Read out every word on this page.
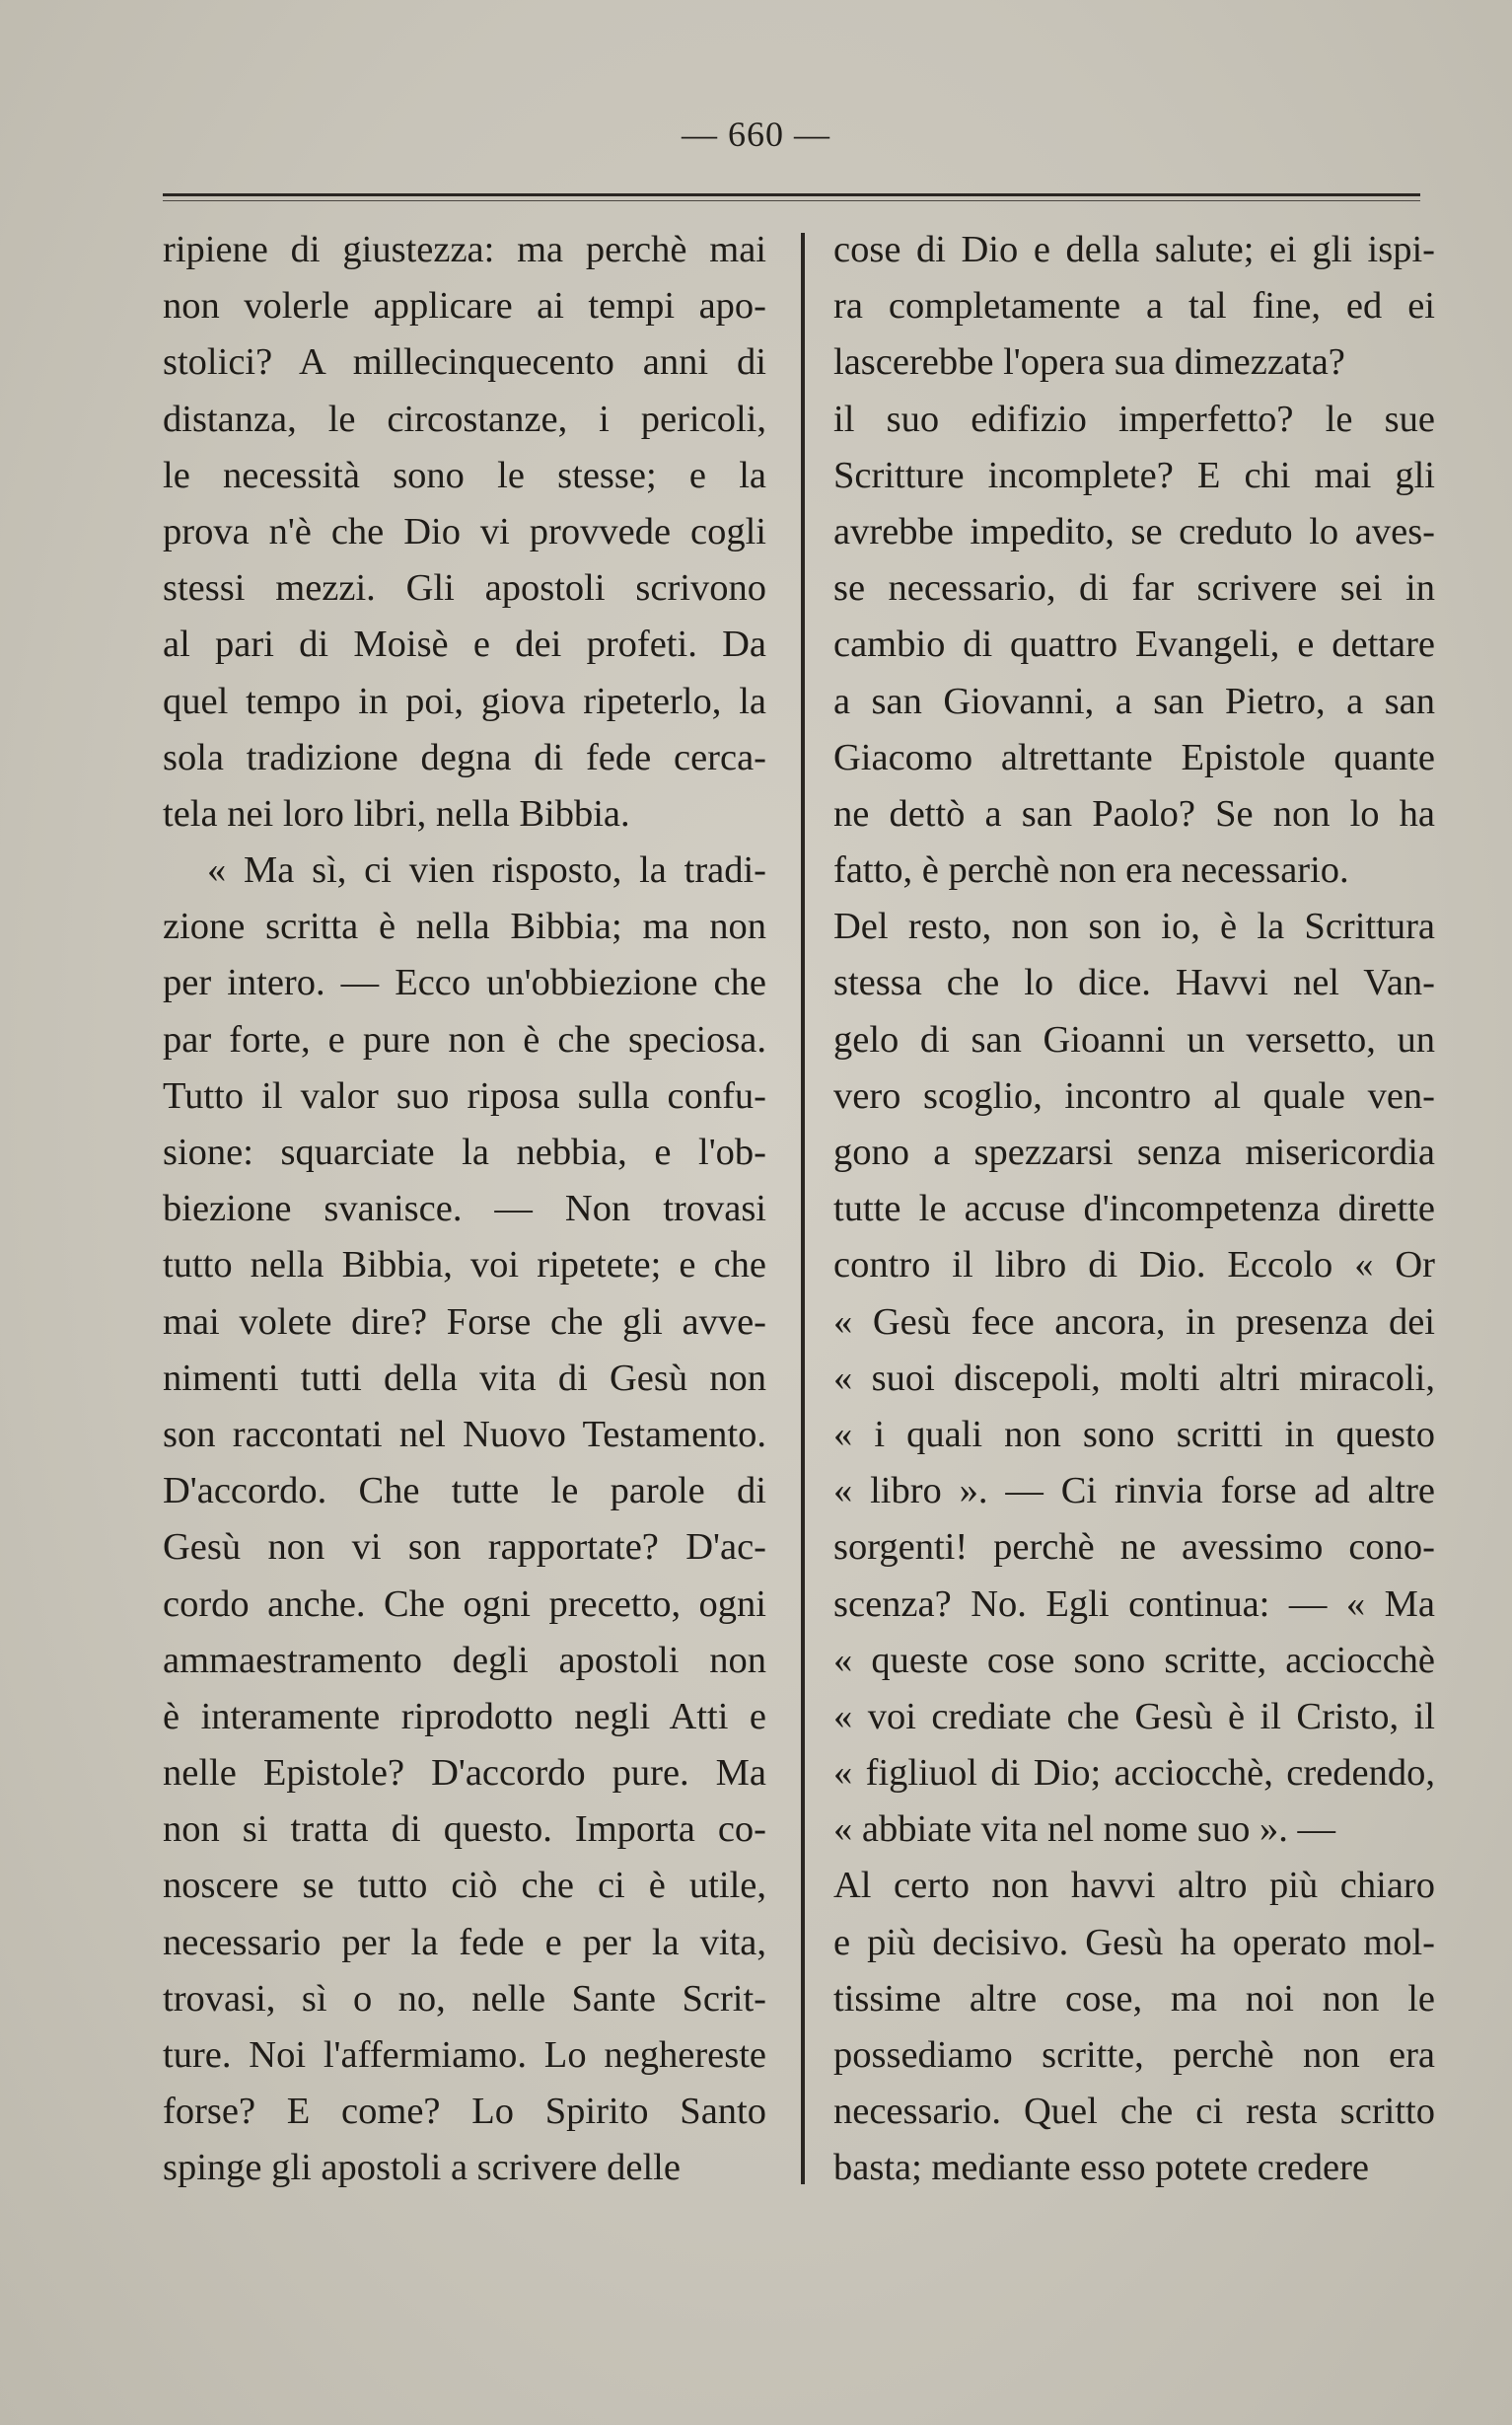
— 660 —
ripiene di giustezza: ma perchè mai
non volerle applicare ai tempi apo-
stolici? A millecinquecento anni di
distanza, le circostanze, i pericoli,
le necessità sono le stesse; e la
prova n'è che Dio vi provvede cogli
stessi mezzi. Gli apostoli scrivono
al pari di Moisè e dei profeti. Da
quel tempo in poi, giova ripeterlo, la
sola tradizione degna di fede cerca-
tela nei loro libri, nella Bibbia.
« Ma sì, ci vien risposto, la tradi-
zione scritta è nella Bibbia; ma non
per intero. — Ecco un'obbiezione che
par forte, e pure non è che speciosa.
Tutto il valor suo riposa sulla confu-
sione: squarciate la nebbia, e l'ob-
biezione svanisce. — Non trovasi
tutto nella Bibbia, voi ripetete; e che
mai volete dire? Forse che gli avve-
nimenti tutti della vita di Gesù non
son raccontati nel Nuovo Testamento.
D'accordo. Che tutte le parole di
Gesù non vi son rapportate? D'ac-
cordo anche. Che ogni precetto, ogni
ammaestramento degli apostoli non
è interamente riprodotto negli Atti e
nelle Epistole? D'accordo pure. Ma
non si tratta di questo. Importa co-
noscere se tutto ciò che ci è utile,
necessario per la fede e per la vita,
trovasi, sì o no, nelle Sante Scrit-
ture. Noi l'affermiamo. Lo neghereste
forse? E come? Lo Spirito Santo
spinge gli apostoli a scrivere delle
cose di Dio e della salute; ei gli ispi-
ra completamente a tal fine, ed ei
lascerebbe l'opera sua dimezzata?
il suo edifizio imperfetto? le sue
Scritture incomplete? E chi mai gli
avrebbe impedito, se creduto lo aves-
se necessario, di far scrivere sei in
cambio di quattro Evangeli, e dettare
a san Giovanni, a san Pietro, a san
Giacomo altrettante Epistole quante
ne dettò a san Paolo? Se non lo ha
fatto, è perchè non era necessario.
Del resto, non son io, è la Scrittura
stessa che lo dice. Havvi nel Van-
gelo di san Gioanni un versetto, un
vero scoglio, incontro al quale ven-
gono a spezzarsi senza misericordia
tutte le accuse d'incompetenza dirette
contro il libro di Dio. Eccolo « Or
« Gesù fece ancora, in presenza dei
« suoi discepoli, molti altri miracoli,
« i quali non sono scritti in questo
« libro ». — Ci rinvia forse ad altre
sorgenti! perchè ne avessimo cono-
scenza? No. Egli continua: — « Ma
« queste cose sono scritte, acciocchè
« voi crediate che Gesù è il Cristo, il
« figliuol di Dio; acciocchè, credendo,
« abbiate vita nel nome suo ». —
Al certo non havvi altro più chiaro
e più decisivo. Gesù ha operato mol-
tissime altre cose, ma noi non le
possediamo scritte, perchè non era
necessario. Quel che ci resta scritto
basta; mediante esso potete credere
